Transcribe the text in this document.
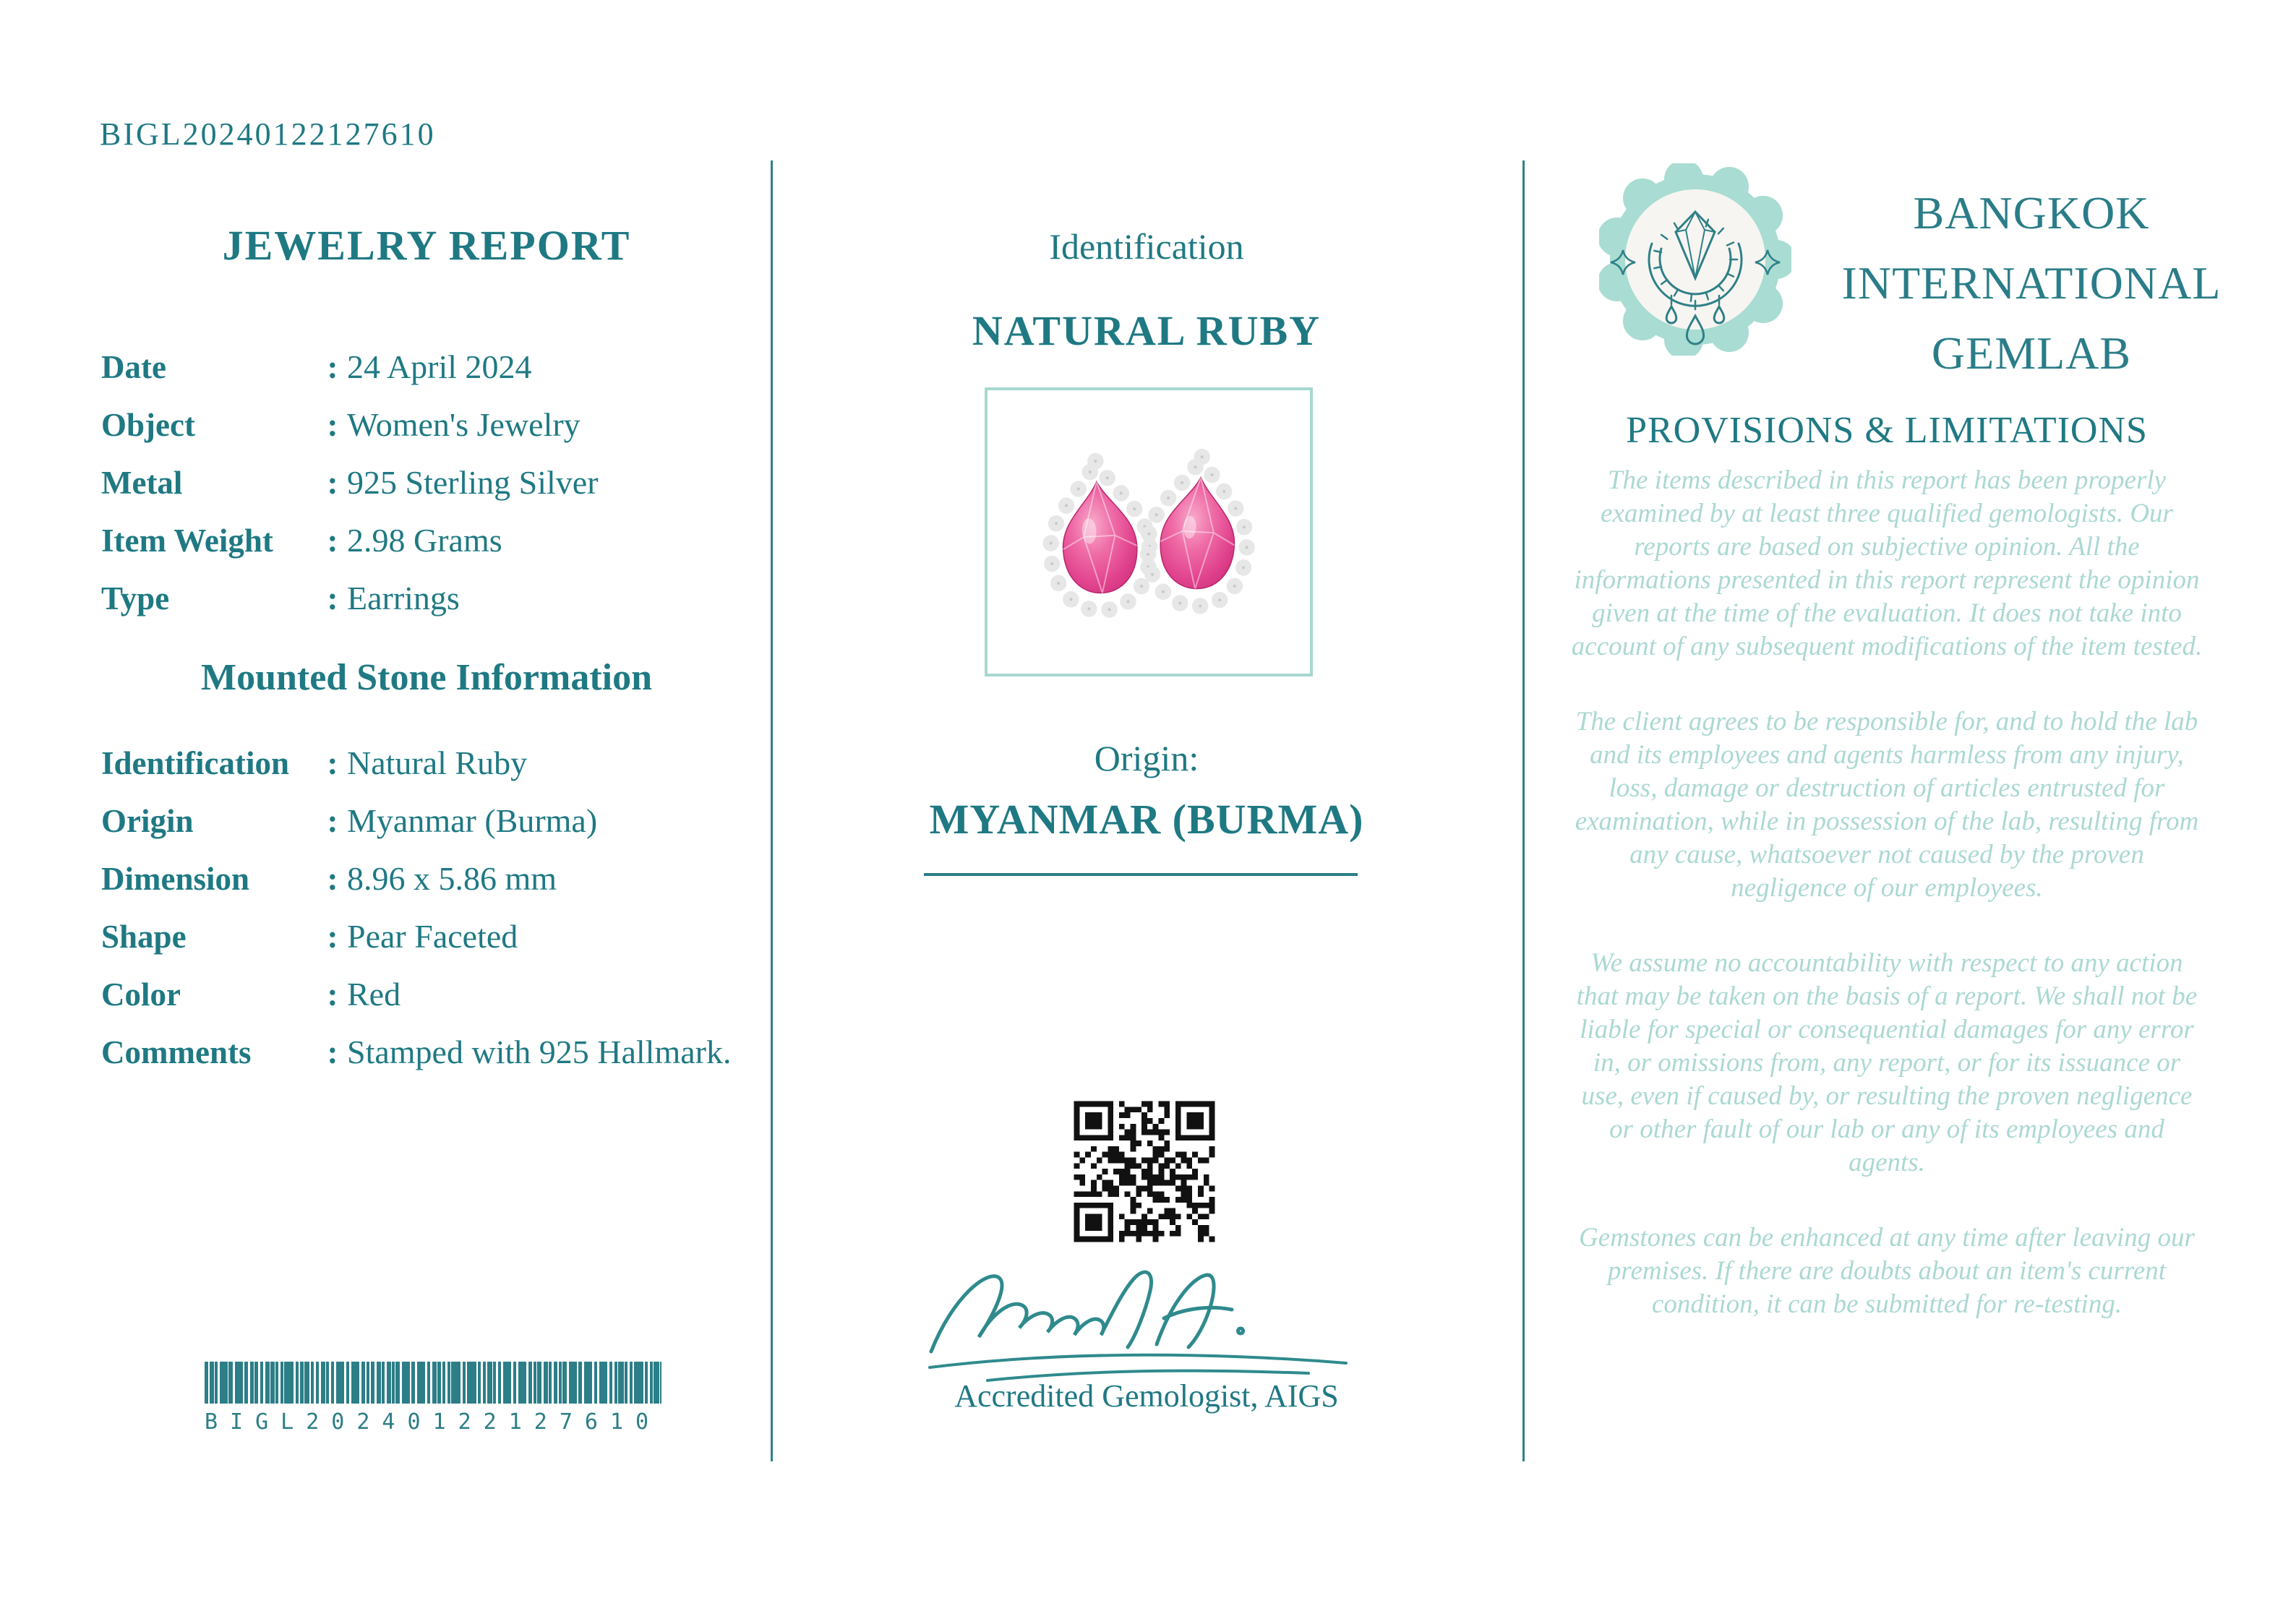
BIGL20240122127610
JEWELRY REPORT
Date	: 24 April 2024
Object	: Women's Jewelry
Metal	: 925 Sterling Silver
Item Weight	: 2.98 Grams
Type	: Earrings
Mounted Stone Information
Identification	: Natural Ruby
Origin	: Myanmar (Burma)
Dimension	: 8.96 x 5.86 mm
Shape	: Pear Faceted
Color	: Red
Comments	: Stamped with 925 Hallmark.
BIGL20240122127610
Identification
NATURAL RUBY
Origin:
MYANMAR (BURMA)
Accredited Gemologist, AIGS
BANGKOK
INTERNATIONAL
GEMLAB
PROVISIONS & LIMITATIONS

The items described in this report has been properly examined by at least three qualified gemologists. Our reports are based on subjective opinion. All the informations presented in this report represent the opinion given at the time of the evaluation. It does not take into account of any subsequent modifications of the item tested.

The client agrees to be responsible for, and to hold the lab and its employees and agents harmless from any injury, loss, damage or destruction of articles entrusted for examination, while in possession of the lab, resulting from any cause, whatsoever not caused by the proven negligence of our employees.

We assume no accountability with respect to any action that may be taken on the basis of a report. We shall not be liable for special or consequential damages for any error in, or omissions from, any report, or for its issuance or use, even if caused by, or resulting the proven negligence or other fault of our lab or any of its employees and agents.

Gemstones can be enhanced at any time after leaving our premises. If there are doubts about an item's current condition, it can be submitted for re-testing.
